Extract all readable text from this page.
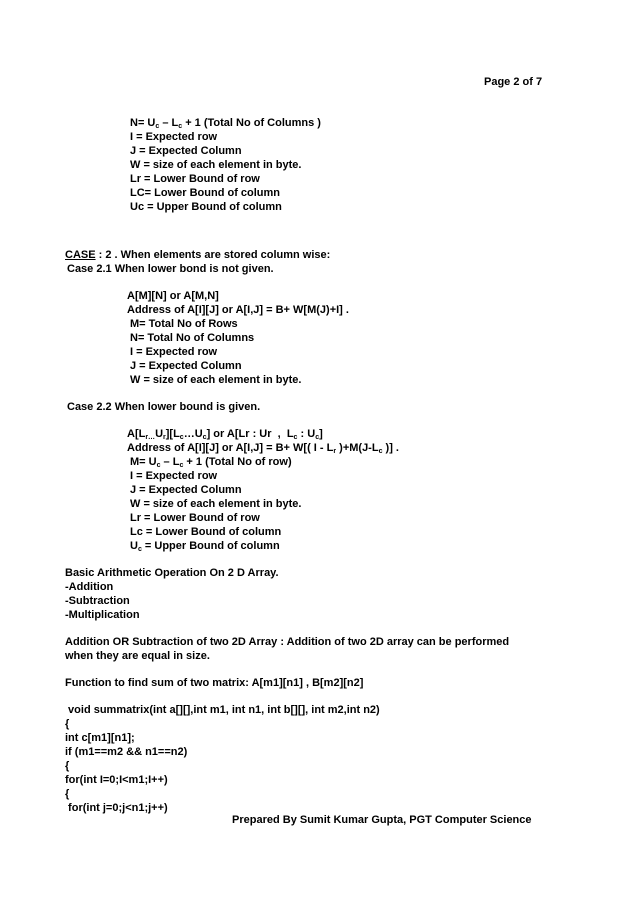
Page 2 of 7
$N= U_c - L_c + 1$ (Total No of Columns )
I = Expected row
J = Expected Column
W = size of each element in byte.
Lr = Lower Bound of row
LC= Lower Bound of column
Uc = Upper Bound of column
CASE : 2 . When elements are stored column wise:
Case 2.1 When lower bond is not given.
A[M][N] or A[M,N]
Address of A[I][J] or A[I,J] = B+ W[M(J)+I] .
M= Total No of Rows
N= Total No of Columns
I = Expected row
J = Expected Column
W = size of each element in byte.
Case 2.2 When lower bound is given.
$A[L_{r\dots}U_r][L_c\dots U_c]$ or A[Lr : Ur  ,  $L_c$ : $U_c$]
Address of A[I][J] or A[I,J] = B+ W[( I - $L_r$ )$+M(J-L_c$ )] .
$M= U_c - L_c + 1$ (Total No of row)
I = Expected row
J = Expected Column
W = size of each element in byte.
Lr = Lower Bound of row
Lc = Lower Bound of column
$U_c$ = Upper Bound of column
Basic Arithmetic Operation On 2 D Array.
-Addition
-Subtraction
-Multiplication
Addition OR Subtraction of two 2D Array : Addition of two 2D array can be performed
when they are equal in size.
Function to find sum of two matrix: A[m1][n1] , B[m2][n2]
void summatrix(int a[][],int m1, int n1, int b[][], int m2,int n2)
{
int c[m1][n1];
if (m1==m2 && n1==n2)
{
for(int I=0;I<m1;I++)
{
for(int j=0;j<n1;j++)
Prepared By Sumit Kumar Gupta, PGT Computer Science
